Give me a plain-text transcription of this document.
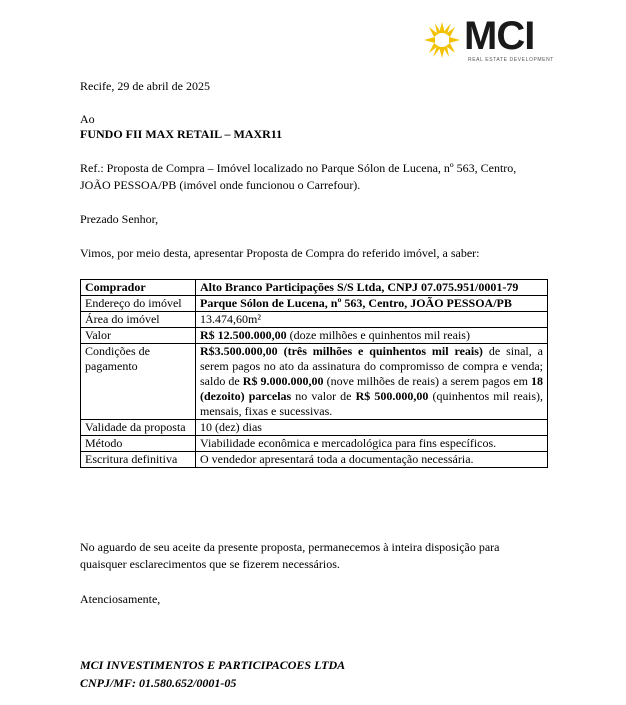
MCI
REAL ESTATE DEVELOPMENT
Recife, 29 de abril de 2025
Ao
FUNDO FII MAX RETAIL – MAXR11
Ref.: Proposta de Compra – Imóvel localizado no Parque Sólon de Lucena, nº 563, Centro,
JOÃO PESSOA/PB (imóvel onde funcionou o Carrefour).
Prezado Senhor,
Vimos, por meio desta, apresentar Proposta de Compra do referido imóvel, a saber:
Comprador	Alto Branco Participações S/S Ltda, CNPJ 07.075.951/0001-79
Endereço do imóvel	Parque Sólon de Lucena, nº 563, Centro, JOÃO PESSOA/PB
Área do imóvel	13.474,60m²
Valor	R$ 12.500.000,00 (doze milhões e quinhentos mil reais)
Condições de pagamento	R$3.500.000,00 (três milhões e quinhentos mil reais) de sinal, a serem pagos no ato da assinatura do compromisso de compra e venda; saldo de R$ 9.000.000,00 (nove milhões de reais) a serem pagos em 18 (dezoito) parcelas no valor de R$ 500.000,00 (quinhentos mil reais), mensais, fixas e sucessivas.
Validade da proposta	10 (dez) dias
Método	Viabilidade econômica e mercadológica para fins específicos.
Escritura definitiva	O vendedor apresentará toda a documentação necessária.
No aguardo de seu aceite da presente proposta, permanecemos à inteira disposição para
quaisquer esclarecimentos que se fizerem necessários.
Atenciosamente,
MCI INVESTIMENTOS E PARTICIPACOES LTDA
CNPJ/MF: 01.580.652/0001-05
